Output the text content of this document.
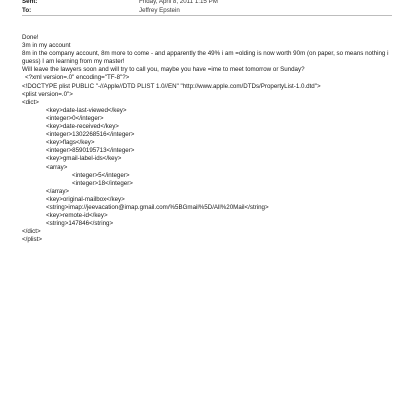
Sent:	Friday, April 8, 2011 1:15 PM
To:	Jeffrey Epstein
Done!
3m in my account
8m in the company account, 8m more to come - and apparently the 49% i am =olding is now worth 90m (on paper, so means nothing i guess) I am learning from my master!
Will leave the lawyers soon and will try to call you, maybe you have =ime to meet tomorrow or Sunday?
<?xml version=.0" encoding="TF-8"?>
<!DOCTYPE plist PUBLIC "-//Apple//DTD PLIST 1.0//EN" "http://www.apple.com/DTDs/PropertyList-1.0.dtd">
<plist version=.0">
<dict>
<key>date-last-viewed</key>
<integer>0</integer>
<key>date-received</key>
<integer>1302268516</integer>
<key>flags</key>
<integer>8590195713</integer>
<key>gmail-label-ids</key>
<array>
<integer>5</integer>
<integer>18</integer>
</array>
<key>original-mailbox</key>
<string>imap://jeevacation@imap.gmail.com/%5BGmail%5D/All%20Mail</string>
<key>remote-id</key>
<string>147846</string>
</dict>
</plist>
